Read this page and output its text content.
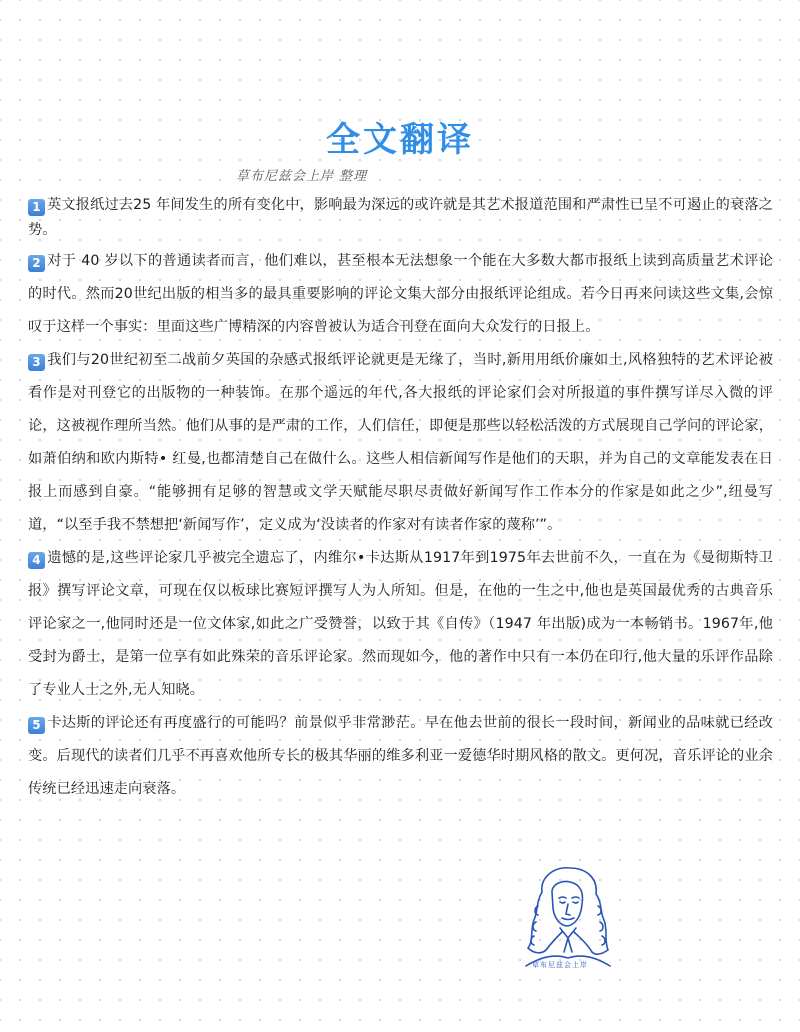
全文翻译
草布尼兹会上岸 整理

1 英文报纸过去25 年间发生的所有变化中，影响最为深远的或许就是其艺术报道范围和严肃性已呈不可遏止的衰落之势。

2 对于 40 岁以下的普通读者而言，他们难以，甚至根本无法想象一个能在大多数大都市报纸上读到高质量艺术评论的时代。然而20世纪出版的相当多的最具重要影响的评论文集大部分由报纸评论组成。若今日再来问读这些文集,会惊叹于这样一个事实：里面这些广博精深的内容曾被认为适合刊登在面向大众发行的日报上。

3 我们与20世纪初至二战前夕英国的杂感式报纸评论就更是无缘了，当时,新用用纸价廉如土,风格独特的艺术评论被看作是对刊登它的出版物的一种装饰。在那个遥远的年代,各大报纸的评论家们会对所报道的事件撰写详尽入微的评论，这被视作理所当然。他们从事的是严肃的工作，人们信任，即便是那些以轻松活泼的方式展现自己学问的评论家，如萧伯纳和欧内斯特• 红曼,也都清楚自己在做什么。这些人相信新闻写作是他们的天职，并为自己的文章能发表在日报上而感到自豪。“能够拥有足够的智慧或文学天赋能尽职尽责做好新闻写作工作本分的作家是如此之少”,纽曼写道，“以至手我不禁想把‘新闻写作’，定义成为‘没读者的作家对有读者作家的蔑称’”。

4 遗憾的是,这些评论家几乎被完全遗忘了，内维尔•卡达斯从1917年到1975年去世前不久，一直在为《曼彻斯特卫报》撰写评论文章，可现在仅以板球比赛短评撰写人为人所知。但是，在他的一生之中,他也是英国最优秀的古典音乐评论家之一,他同时还是一位文体家,如此之广受赞誉，以致于其《自传》（1947 年出版)成为一本畅销书。1967年,他受封为爵士，是第一位享有如此殊荣的音乐评论家。然而现如今，他的著作中只有一本仍在印行,他大量的乐评作品除了专业人士之外,无人知晓。

5 卡达斯的评论还有再度盛行的可能吗？前景似乎非常渺茫。早在他去世前的很长一段时间，新闻业的品味就已经改变。后现代的读者们几乎不再喜欢他所专长的极其华丽的维多利亚一爱德华时期风格的散文。更何况，音乐评论的业余传统已经迅速走向衰落。

草布尼兹会上岸
